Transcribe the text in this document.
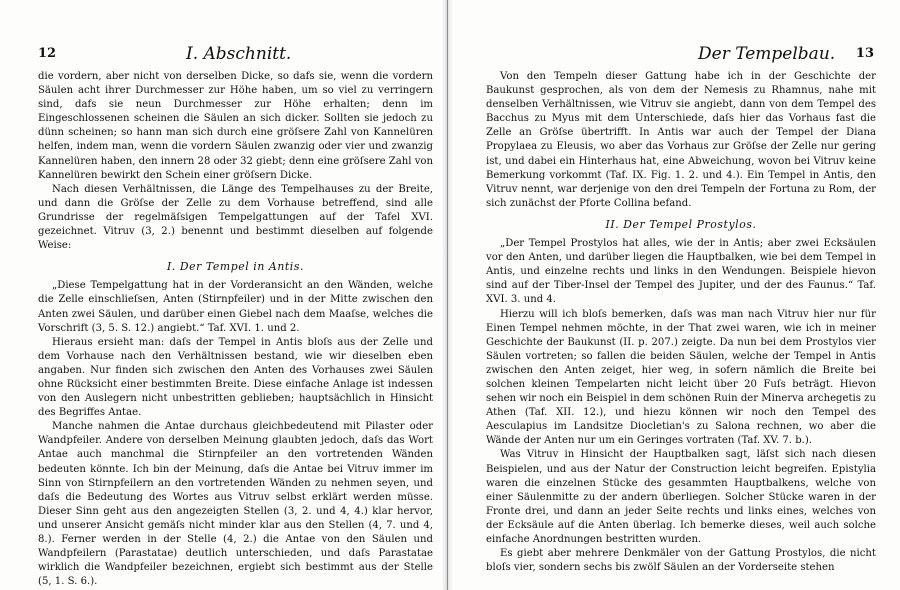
12	I. Abschnitt.

die vordern, aber nicht von derselben Dicke, so dafs sie, wenn die vordern Säulen acht ihrer Durchmesser zur Höhe haben, um so viel zu verringern sind, dafs sie neun Durchmesser zur Höhe erhalten; denn im Eingeschlossenen scheinen die Säulen an sich dicker. Sollten sie jedoch zu dünn scheinen; so hann man sich durch eine gröſsere Zahl von Kannelüren helfen, indem man, wenn die vordern Säulen zwanzig oder vier und zwanzig Kannelüren haben, den innern 28 oder 32 giebt; denn eine gröſsere Zahl von Kannelüren bewirkt den Schein einer gröſsern Dicke.

Nach diesen Verhältnissen, die Länge des Tempelhauses zu der Breite, und dann die Gröſse der Zelle zu dem Vorhause betreffend, sind alle Grundrisse der regelmäſsigen Tempelgattungen auf der Tafel XVI. gezeichnet. Vitruv (3, 2.) benennt und bestimmt dieselben auf folgende Weise:

I. Der Tempel in Antis.

„Diese Tempelgattung hat in der Vorderansicht an den Wänden, welche die Zelle einschlieſsen, Anten (Stirnpfeiler) und in der Mitte zwischen den Anten zwei Säulen, und darüber einen Giebel nach dem Maaſse, welches die Vorschrift (3, 5. S. 12.) angiebt.“ Taf. XVI. 1. und 2.

Hieraus ersieht man: daſs der Tempel in Antis bloſs aus der Zelle und dem Vorhause nach den Verhältnissen bestand, wie wir dieselben eben angaben. Nur finden sich zwischen den Anten des Vorhauses zwei Säulen ohne Rücksicht einer bestimmten Breite. Diese einfache Anlage ist indessen von den Auslegern nicht unbestritten geblieben; hauptsächlich in Hinsicht des Begriffes Antae.

Manche nahmen die Antae durchaus gleichbedeutend mit Pilaster oder Wandpfeiler. Andere von derselben Meinung glaubten jedoch, daſs das Wort Antae auch manchmal die Stirnpfeiler an den vortretenden Wänden bedeuten könnte. Ich bin der Meinung, daſs die Antae bei Vitruv immer im Sinn von Stirnpfeilern an den vortretenden Wänden zu nehmen seyen, und daſs die Bedeutung des Wortes aus Vitruv selbst erklärt werden müsse. Dieser Sinn geht aus den angezeigten Stellen (3, 2. und 4, 4.) klar hervor, und unserer Ansicht gemäſs nicht minder klar aus den Stellen (4, 7. und 4, 8.). Ferner werden in der Stelle (4, 2.) die Antae von den Säulen und Wandpfeilern (Parastatae) deutlich unterschieden, und daſs Parastatae wirklich die Wandpfeiler bezeichnen, ergiebt sich bestimmt aus der Stelle (5, 1. S. 6.).

Der Tempelbau. 13

Von den Tempeln dieser Gattung habe ich in der Geschichte der Baukunst gesprochen, als von dem der Nemesis zu Rhamnus, nahe mit denselben Verhältnissen, wie Vitruv sie angiebt, dann von dem Tempel des Bacchus zu Myus mit dem Unterschiede, daſs hier das Vorhaus fast die Zelle an Gröſse übertrifft. In Antis war auch der Tempel der Diana Propylaea zu Eleusis, wo aber das Vorhaus zur Gröſse der Zelle nur gering ist, und dabei ein Hinterhaus hat, eine Abweichung, wovon bei Vitruv keine Bemerkung vorkommt (Taf. IX. Fig. 1. 2. und 4.). Ein Tempel in Antis, den Vitruv nennt, war derjenige von den drei Tempeln der Fortuna zu Rom, der sich zunächst der Pforte Collina befand.

II. Der Tempel Prostylos.

„Der Tempel Prostylos hat alles, wie der in Antis; aber zwei Ecksäulen vor den Anten, und darüber liegen die Hauptbalken, wie bei dem Tempel in Antis, und einzelne rechts und links in den Wendungen. Beispiele hievon sind auf der Tiber-Insel der Tempel des Jupiter, und der des Faunus.“ Taf. XVI. 3. und 4.

Hierzu will ich bloſs bemerken, daſs was man nach Vitruv hier nur für Einen Tempel nehmen möchte, in der That zwei waren, wie ich in meiner Geschichte der Baukunst (II. p. 207.) zeigte. Da nun bei dem Prostylos vier Säulen vortreten; so fallen die beiden Säulen, welche der Tempel in Antis zwischen den Anten zeiget, hier weg, in sofern nämlich die Breite bei solchen kleinen Tempelarten nicht leicht über 20 Fuſs beträgt. Hievon sehen wir noch ein Beispiel in dem schönen Ruin der Minerva archegetis zu Athen (Taf. XII. 12.), und hiezu können wir noch den Tempel des Aesculapius im Landsitze Diocletian's zu Salona rechnen, wo aber die Wände der Anten nur um ein Geringes vortraten (Taf. XV. 7. b.).

Was Vitruv in Hinsicht der Hauptbalken sagt, läſst sich nach diesen Beispielen, und aus der Natur der Construction leicht begreifen. Epistylia waren die einzelnen Stücke des gesammten Hauptbalkens, welche von einer Säulenmitte zu der andern überliegen. Solcher Stücke waren in der Fronte drei, und dann an jeder Seite rechts und links eines, welches von der Ecksäule auf die Anten überlag. Ich bemerke dieses, weil auch solche einfache Anordnungen bestritten wurden.

Es giebt aber mehrere Denkmäler von der Gattung Prostylos, die nicht bloſs vier, sondern sechs bis zwölf Säulen an der Vorderseite stehen
